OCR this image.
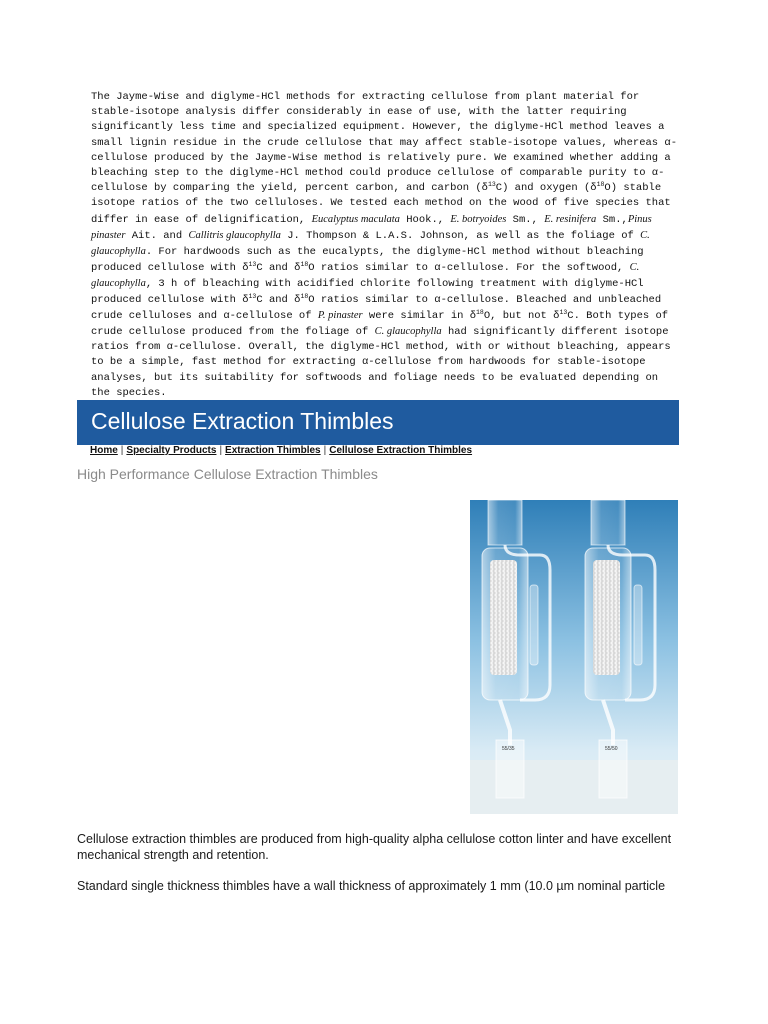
The Jayme-Wise and diglyme-HCl methods for extracting cellulose from plant material for stable-isotope analysis differ considerably in ease of use, with the latter requiring significantly less time and specialized equipment. However, the diglyme-HCl method leaves a small lignin residue in the crude cellulose that may affect stable-isotope values, whereas α-cellulose produced by the Jayme-Wise method is relatively pure. We examined whether adding a bleaching step to the diglyme-HCl method could produce cellulose of comparable purity to α-cellulose by comparing the yield, percent carbon, and carbon $(\delta^{13}C)$ and oxygen $(\delta^{18}O)$ stable isotope ratios of the two celluloses. We tested each method on the wood of five species that differ in ease of delignification, Eucalyptus maculata Hook., E. botryoides Sm., E. resinifera Sm.,Pinus pinaster Ait. and Callitris glaucophylla J. Thompson & L.A.S. Johnson, as well as the foliage of C. glaucophylla. For hardwoods such as the eucalypts, the diglyme-HCl method without bleaching produced cellulose with $\delta^{13}C$ and $\delta^{18}O$ ratios similar to α-cellulose. For the softwood, C. glaucophylla, 3 h of bleaching with acidified chlorite following treatment with diglyme-HCl produced cellulose with $\delta^{13}C$ and $\delta^{18}O$ ratios similar to α-cellulose. Bleached and unbleached crude celluloses and α-cellulose of P. pinaster were similar in $\delta^{18}O$, but not $\delta^{13}C$. Both types of crude cellulose produced from the foliage of C. glaucophylla had significantly different isotope ratios from α-cellulose. Overall, the diglyme-HCl method, with or without bleaching, appears to be a simple, fast method for extracting α-cellulose from hardwoods for stable-isotope analyses, but its suitability for softwoods and foliage needs to be evaluated depending on the species.
Cellulose Extraction Thimbles
Home | Specialty Products | Extraction Thimbles | Cellulose Extraction Thimbles
High Performance Cellulose Extraction Thimbles
55/35	55/50
Cellulose extraction thimbles are produced from high-quality alpha cellulose cotton linter and have excellent mechanical strength and retention.
Standard single thickness thimbles have a wall thickness of approximately 1 mm (10.0 µm nominal particle
